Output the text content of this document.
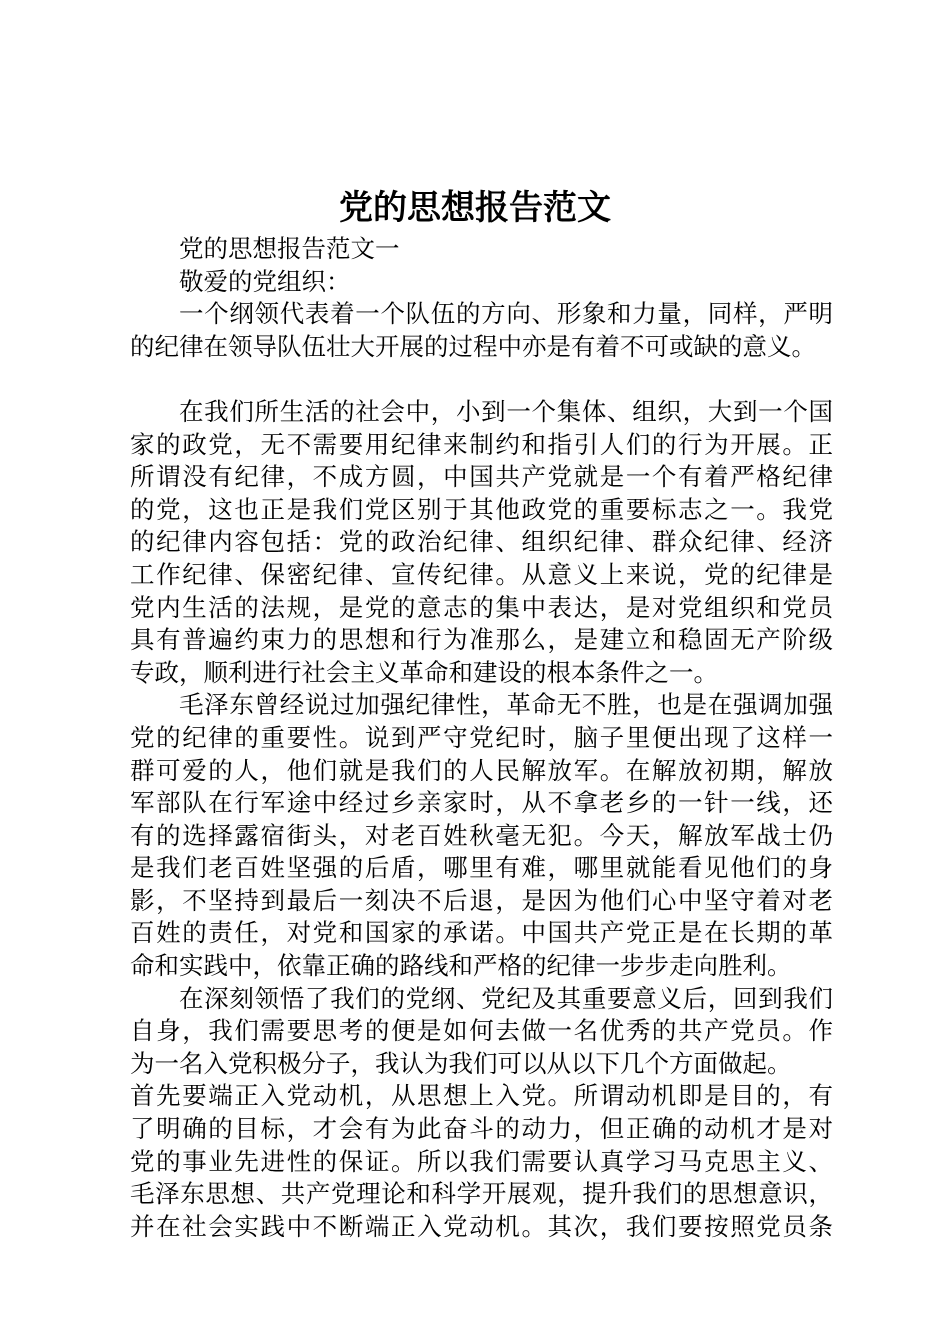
党的思想报告范文

党的思想报告范文一

敬爱的党组织：

一个纲领代表着一个队伍的方向、形象和力量，同样，严明

的纪律在领导队伍壮大开展的过程中亦是有着不可或缺的意义。

在我们所生活的社会中，小到一个集体、组织，大到一个国

家的政党，无不需要用纪律来制约和指引人们的行为开展。正

所谓没有纪律，不成方圆，中国共产党就是一个有着严格纪律

的党，这也正是我们党区别于其他政党的重要标志之一。我党

的纪律内容包括：党的政治纪律、组织纪律、群众纪律、经济

工作纪律、保密纪律、宣传纪律。从意义上来说，党的纪律是

党内生活的法规，是党的意志的集中表达，是对党组织和党员

具有普遍约束力的思想和行为准那么，是建立和稳固无产阶级

专政，顺利进行社会主义革命和建设的根本条件之一。

毛泽东曾经说过加强纪律性，革命无不胜，也是在强调加强

党的纪律的重要性。说到严守党纪时，脑子里便出现了这样一

群可爱的人，他们就是我们的人民解放军。在解放初期，解放

军部队在行军途中经过乡亲家时，从不拿老乡的一针一线，还

有的选择露宿街头，对老百姓秋毫无犯。今天，解放军战士仍

是我们老百姓坚强的后盾，哪里有难，哪里就能看见他们的身

影，不坚持到最后一刻决不后退，是因为他们心中坚守着对老

百姓的责任，对党和国家的承诺。中国共产党正是在长期的革

命和实践中，依靠正确的路线和严格的纪律一步步走向胜利。

在深刻领悟了我们的党纲、党纪及其重要意义后，回到我们

自身，我们需要思考的便是如何去做一名优秀的共产党员。作

为一名入党积极分子，我认为我们可以从以下几个方面做起。

首先要端正入党动机，从思想上入党。所谓动机即是目的，有

了明确的目标，才会有为此奋斗的动力，但正确的动机才是对

党的事业先进性的保证。所以我们需要认真学习马克思主义、

毛泽东思想、共产党理论和科学开展观，提升我们的思想意识，

并在社会实践中不断端正入党动机。其次，我们要按照党员条
